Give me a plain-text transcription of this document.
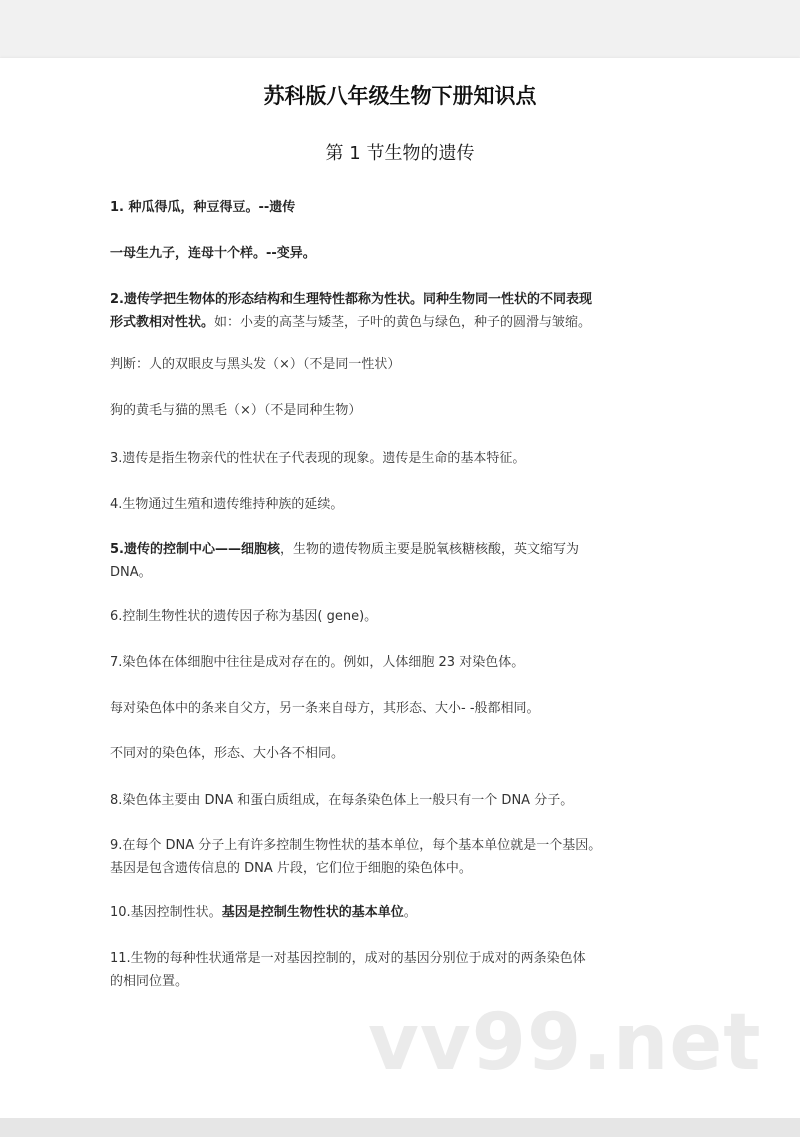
苏科版八年级生物下册知识点
第 1 节生物的遗传

1. 种瓜得瓜，种豆得豆。--遗传

一母生九子，连母十个样。--变异。

2.遗传学把生物体的形态结构和生理特性都称为性状。同种生物同一性状的不同表现

形式教相对性状。如：小麦的高茎与矮茎，子叶的黄色与绿色，种子的圆滑与皱缩。

判断：人的双眼皮与黑头发（×）（不是同一性状）

狗的黄毛与猫的黑毛（×）（不是同种生物）

3.遗传是指生物亲代的性状在子代表现的现象。遗传是生命的基本特征。

4.生物通过生殖和遗传维持种族的延续。

5.遗传的控制中心——细胞核，生物的遗传物质主要是脱氧核糖核酸，英文缩写为

DNA。

6.控制生物性状的遗传因子称为基因( gene)。

7.染色体在体细胞中往往是成对存在的。例如，人体细胞 23 对染色体。

每对染色体中的条来自父方，另一条来自母方，其形态、大小- -般都相同。

不同对的染色体，形态、大小各不相同。

8.染色体主要由 DNA 和蛋白质组成，在每条染色体上一般只有一个 DNA 分子。

9.在每个 DNA 分子上有许多控制生物性状的基本单位，每个基本单位就是一个基因。

基因是包含遗传信息的 DNA 片段，它们位于细胞的染色体中。

10.基因控制性状。基因是控制生物性状的基本单位。

11.生物的每种性状通常是一对基因控制的，成对的基因分别位于成对的两条染色体

的相同位置。

vv99.net
